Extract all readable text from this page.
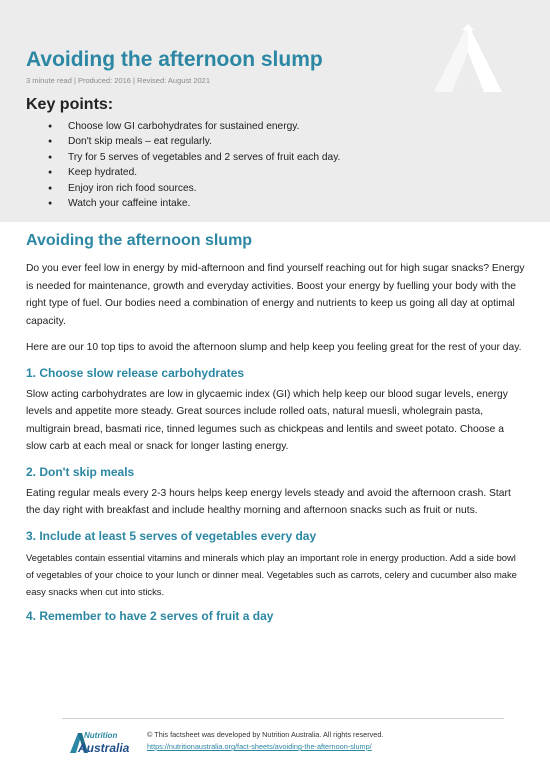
Avoiding the afternoon slump
3 minute read | Produced: 2016 | Revised: August 2021
Key points:
● Choose low GI carbohydrates for sustained energy.
● Don't skip meals – eat regularly.
● Try for 5 serves of vegetables and 2 serves of fruit each day.
● Keep hydrated.
● Enjoy iron rich food sources.
● Watch your caffeine intake.
Avoiding the afternoon slump

Do you ever feel low in energy by mid-afternoon and find yourself reaching out for high sugar snacks? Energy is needed for maintenance, growth and everyday activities. Boost your energy by fuelling your body with the right type of fuel. Our bodies need a combination of energy and nutrients to keep us going all day at optimal capacity.

Here are our 10 top tips to avoid the afternoon slump and help keep you feeling great for the rest of your day.

1. Choose slow release carbohydrates

Slow acting carbohydrates are low in glycaemic index (GI) which help keep our blood sugar levels, energy levels and appetite more steady. Great sources include rolled oats, natural muesli, wholegrain pasta, multigrain bread, basmati rice, tinned legumes such as chickpeas and lentils and sweet potato. Choose a slow carb at each meal or snack for longer lasting energy.

2. Don't skip meals

Eating regular meals every 2-3 hours helps keep energy levels steady and avoid the afternoon crash. Start the day right with breakfast and include healthy morning and afternoon snacks such as fruit or nuts.

3. Include at least 5 serves of vegetables every day

Vegetables contain essential vitamins and minerals which play an important role in energy production. Add a side bowl of vegetables of your choice to your lunch or dinner meal. Vegetables such as carrots, celery and cucumber also make easy snacks when cut into sticks.

4. Remember to have 2 serves of fruit a day
Nutrition
Australia
© This factsheet was developed by Nutrition Australia. All rights reserved.
https://nutritionaustralia.org/fact-sheets/avoiding-the-afternoon-slump/
